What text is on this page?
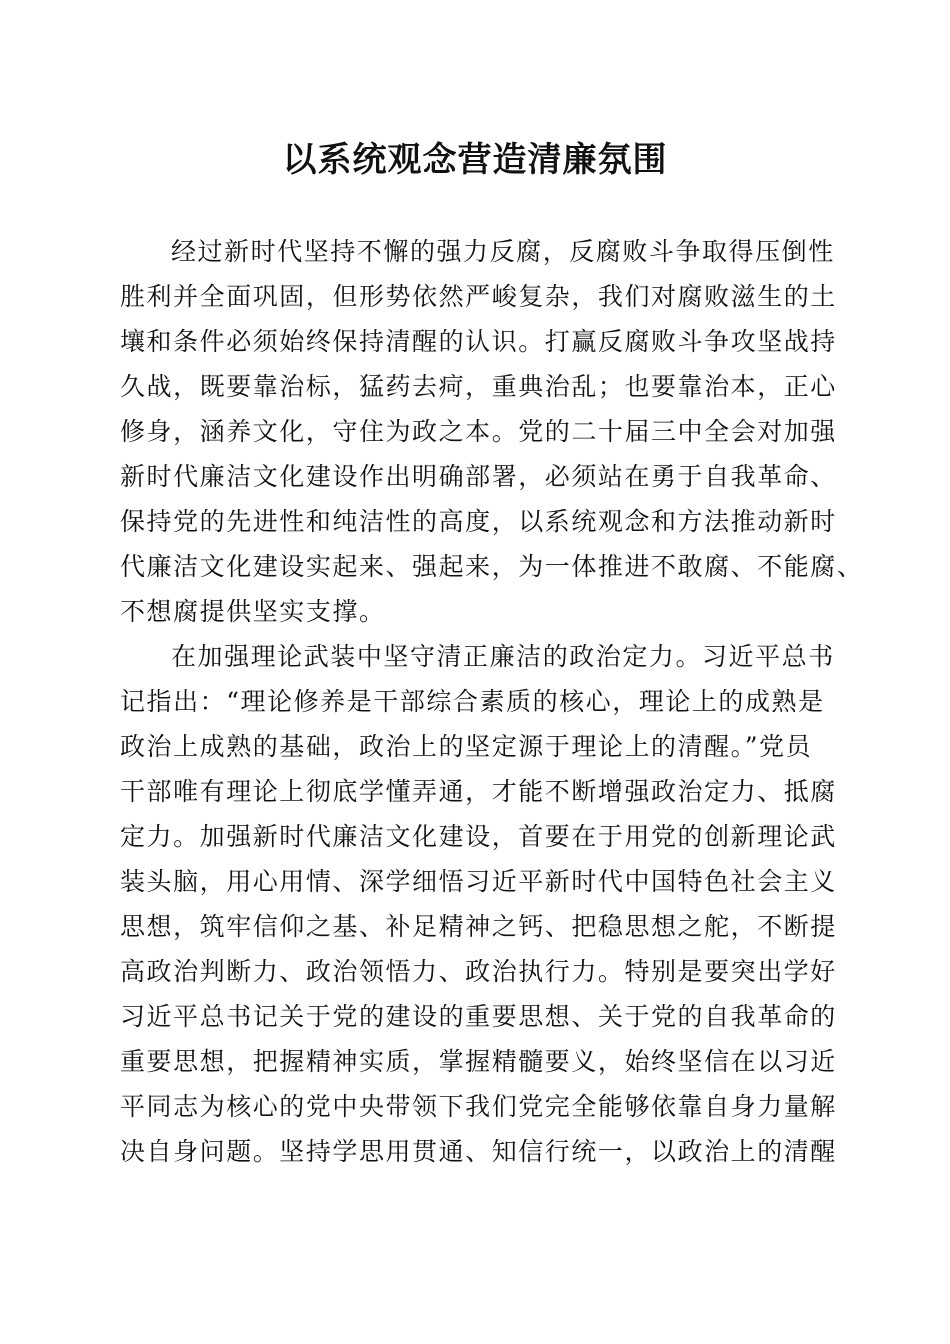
以系统观念营造清廉氛围
经过新时代坚持不懈的强力反腐，反腐败斗争取得压倒性
胜利并全面巩固，但形势依然严峻复杂，我们对腐败滋生的土
壤和条件必须始终保持清醒的认识。打赢反腐败斗争攻坚战持
久战，既要靠治标，猛药去疴，重典治乱；也要靠治本，正心
修身，涵养文化，守住为政之本。党的二十届三中全会对加强
新时代廉洁文化建设作出明确部署，必须站在勇于自我革命、
保持党的先进性和纯洁性的高度，以系统观念和方法推动新时
代廉洁文化建设实起来、强起来，为一体推进不敢腐、不能腐、
不想腐提供坚实支撑。
在加强理论武装中坚守清正廉洁的政治定力。习近平总书
记指出：“理论修养是干部综合素质的核心，理论上的成熟是
政治上成熟的基础，政治上的坚定源于理论上的清醒。”党员
干部唯有理论上彻底学懂弄通，才能不断增强政治定力、抵腐
定力。加强新时代廉洁文化建设，首要在于用党的创新理论武
装头脑，用心用情、深学细悟习近平新时代中国特色社会主义
思想，筑牢信仰之基、补足精神之钙、把稳思想之舵，不断提
高政治判断力、政治领悟力、政治执行力。特别是要突出学好
习近平总书记关于党的建设的重要思想、关于党的自我革命的
重要思想，把握精神实质，掌握精髓要义，始终坚信在以习近
平同志为核心的党中央带领下我们党完全能够依靠自身力量解
决自身问题。坚持学思用贯通、知信行统一，以政治上的清醒
